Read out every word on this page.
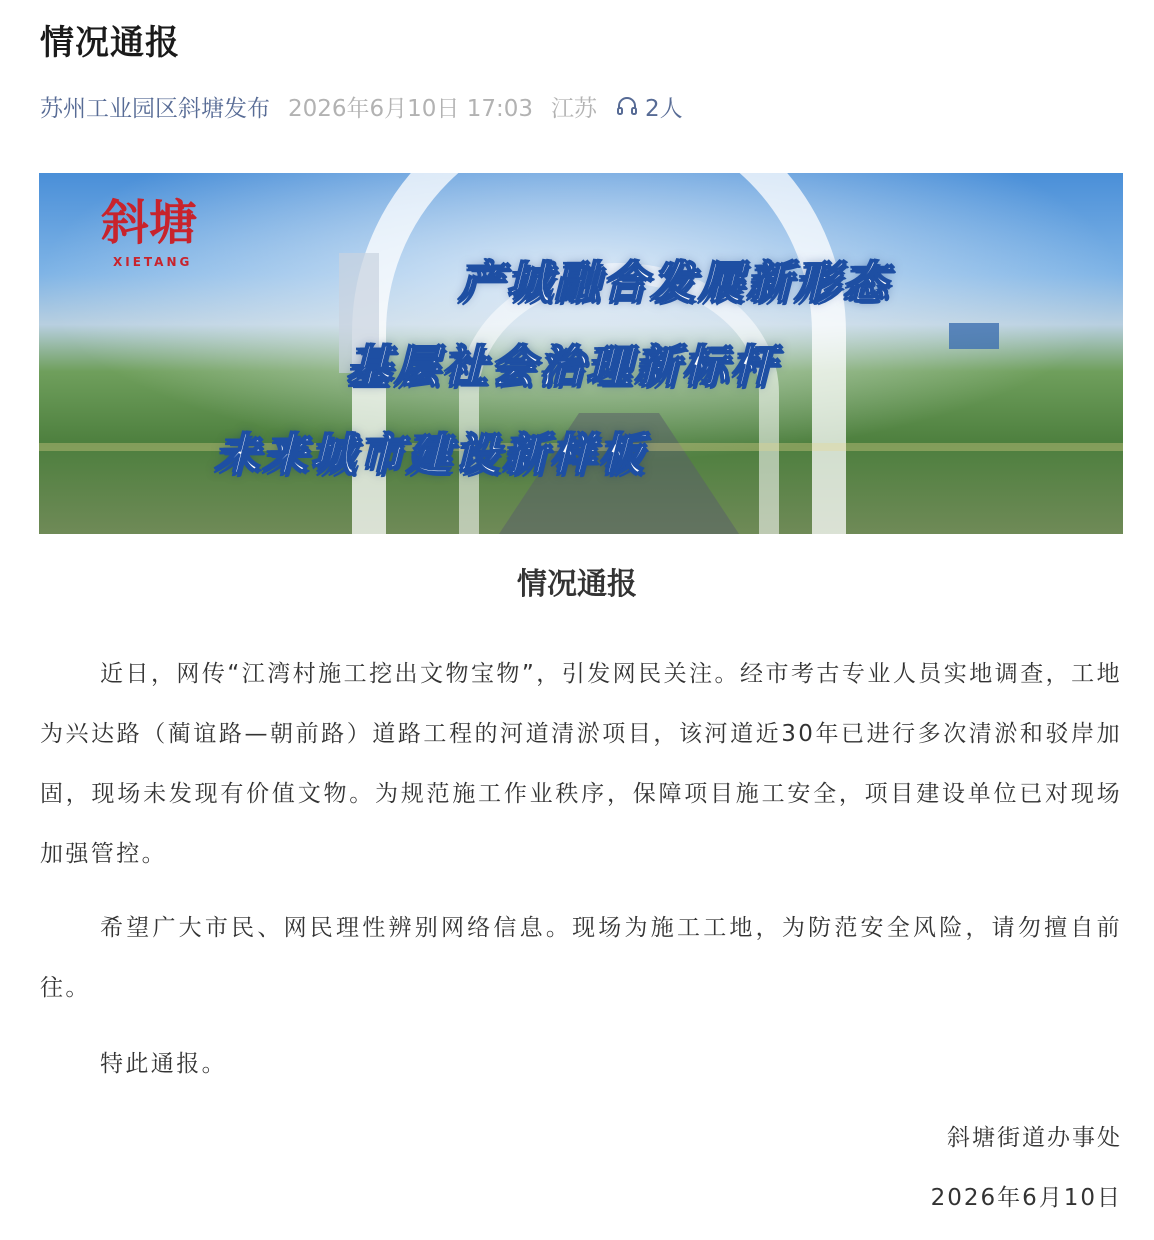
情况通报
苏州工业园区斜塘发布 2026年6月10日 17:03 江苏 2人
斜塘
XIETANG	产城融合发展新形态
基层社会治理新标杆
未来城市建设新样板
情况通报

近日，网传“江湾村施工挖出文物宝物”，引发网民关注。经市考古专业人员实地调查，工地为兴达路（蔺谊路—朝前路）道路工程的河道清淤项目，该河道近30年已进行多次清淤和驳岸加固，现场未发现有价值文物。为规范施工作业秩序，保障项目施工安全，项目建设单位已对现场加强管控。

希望广大市民、网民理性辨别网络信息。现场为施工工地，为防范安全风险，请勿擅自前往。

特此通报。

斜塘街道办事处
2026年6月10日
